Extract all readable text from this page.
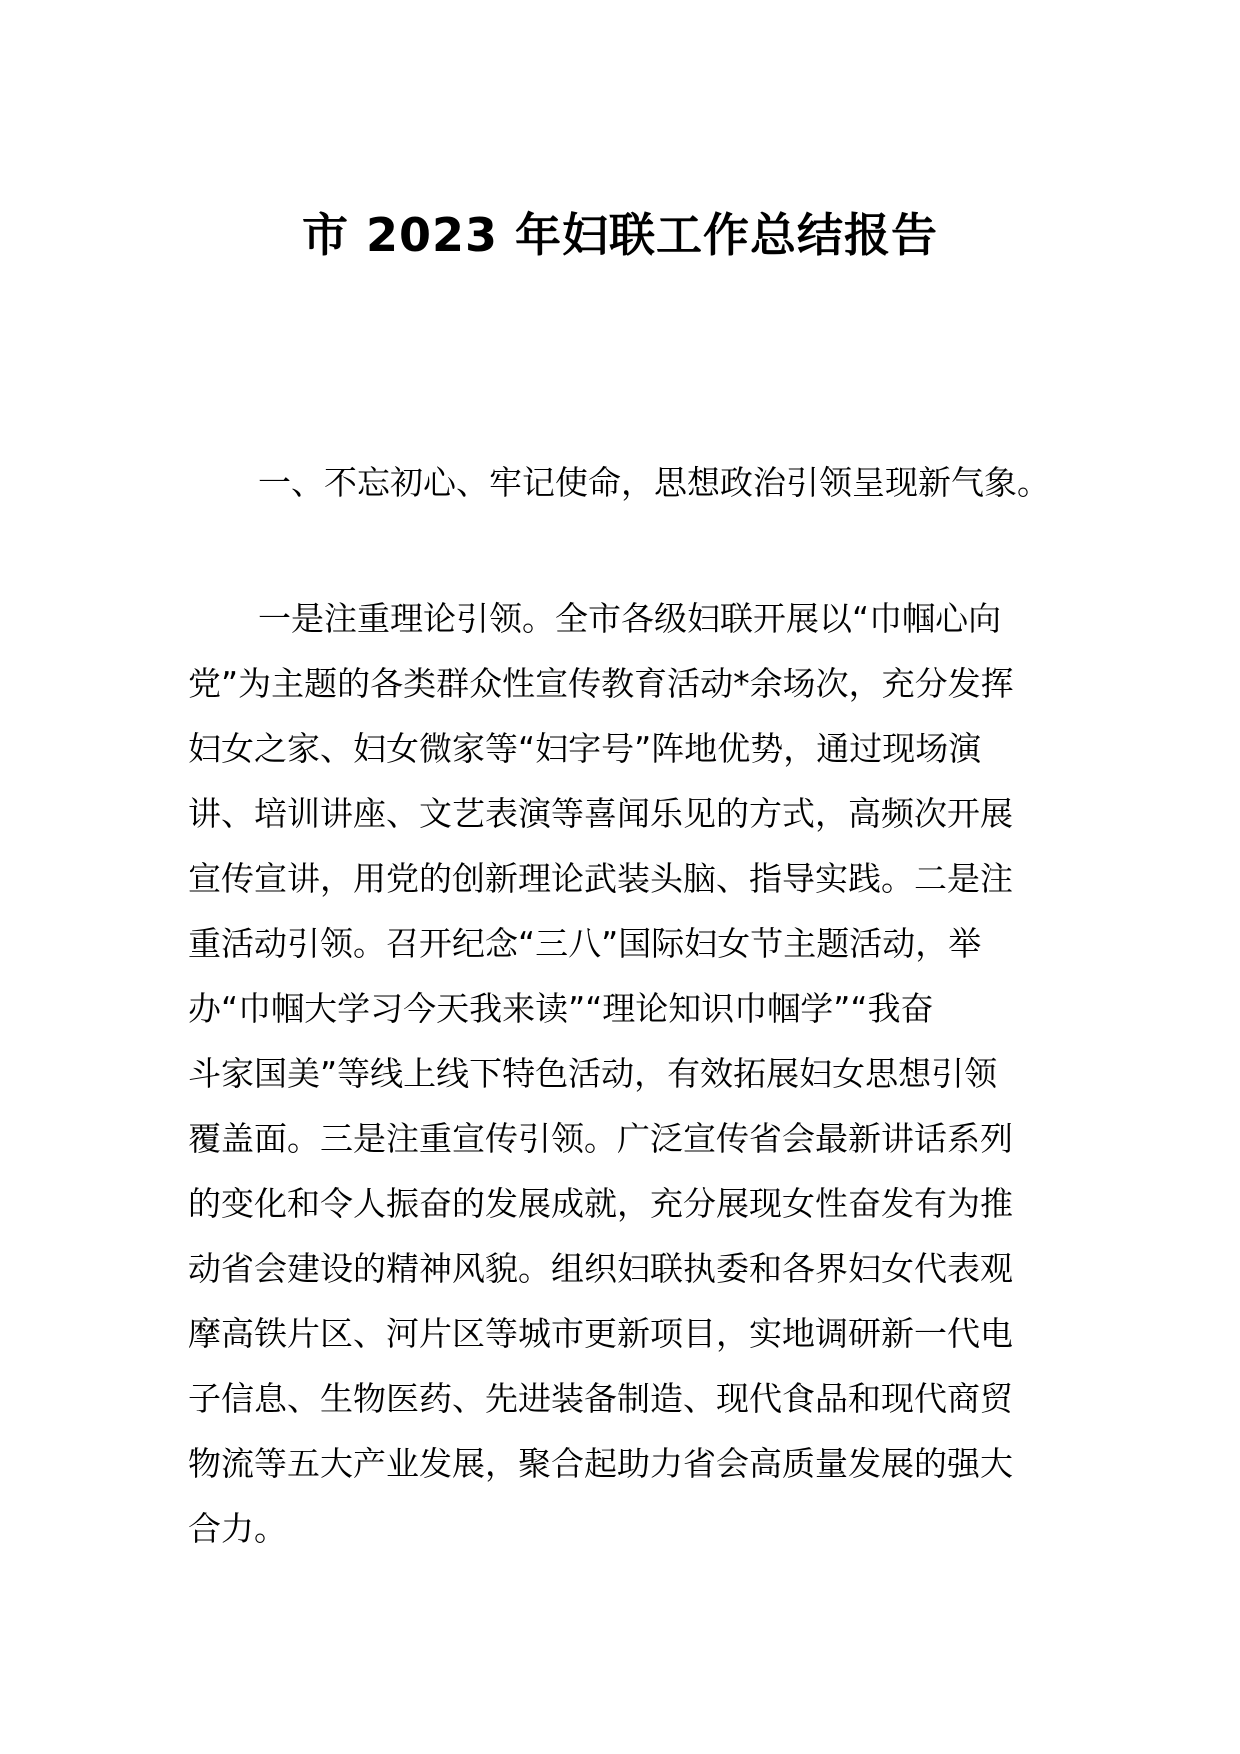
市 2023 年妇联工作总结报告

一、不忘初心、牢记使命，思想政治引领呈现新气象。

一是注重理论引领。全市各级妇联开展以“巾帼心向
党”为主题的各类群众性宣传教育活动*余场次，充分发挥
妇女之家、妇女微家等“妇字号”阵地优势，通过现场演
讲、培训讲座、文艺表演等喜闻乐见的方式，高频次开展
宣传宣讲，用党的创新理论武装头脑、指导实践。二是注
重活动引领。召开纪念“三八”国际妇女节主题活动，举
办“巾帼大学习今天我来读”“理论知识巾帼学”“我奋
斗家国美”等线上线下特色活动，有效拓展妇女思想引领
覆盖面。三是注重宣传引领。广泛宣传省会最新讲话系列
的变化和令人振奋的发展成就，充分展现女性奋发有为推
动省会建设的精神风貌。组织妇联执委和各界妇女代表观
摩高铁片区、河片区等城市更新项目，实地调研新一代电
子信息、生物医药、先进装备制造、现代食品和现代商贸
物流等五大产业发展，聚合起助力省会高质量发展的强大
合力。
